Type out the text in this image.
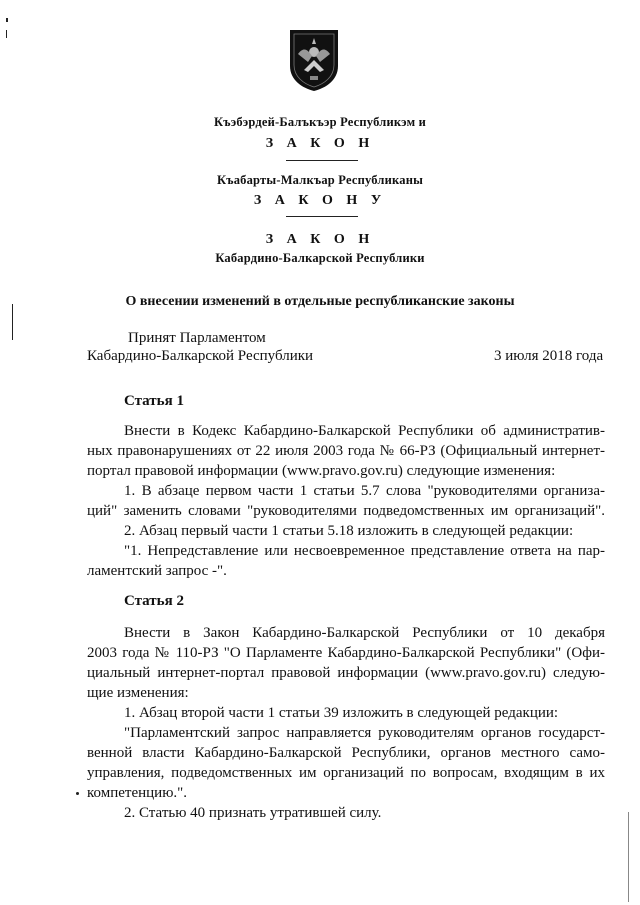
Къэбэрдей-Балъкъэр Республикэм и
З А К О Н
Къабарты-Малкъар Республиканы
З А К О Н У
З А К О Н
Кабардино-Балкарской Республики
О внесении изменений в отдельные республиканские законы
Принят Парламентом
Кабардино-Балкарской Республики	3 июля 2018 года
Статья 1
Внести в Кодекс Кабардино-Балкарской Республики об административ-
ных правонарушениях от 22 июля 2003 года № 66-РЗ (Официальный интернет-
портал правовой информации (www.pravo.gov.ru) следующие изменения:
1. В абзаце первом части 1 статьи 5.7 слова "руководителями организа-
ций" заменить словами "руководителями подведомственных им организаций".
2. Абзац первый части 1 статьи 5.18 изложить в следующей редакции:
"1. Непредставление или несвоевременное представление ответа на пар-
ламентский запрос -".
Статья 2
Внести в Закон Кабардино-Балкарской Республики от 10 декабря
2003 года № 110-РЗ "О Парламенте Кабардино-Балкарской Республики" (Офи-
циальный интернет-портал правовой информации (www.pravo.gov.ru) следую-
щие изменения:
1. Абзац второй части 1 статьи 39 изложить в следующей редакции:
"Парламентский запрос направляется руководителям органов государст-
венной власти Кабардино-Балкарской Республики, органов местного само-
управления, подведомственных им организаций по вопросам, входящим в их
компетенцию.".
2. Статью 40 признать утратившей силу.
